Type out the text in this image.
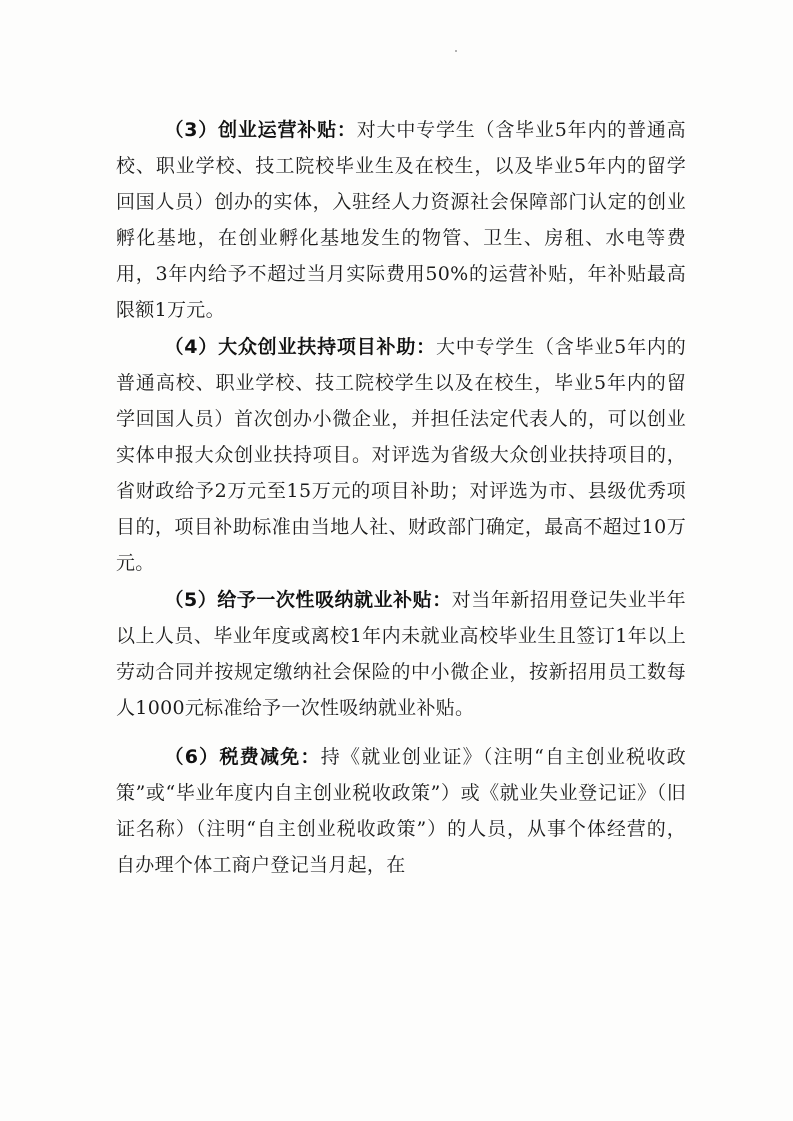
（3）创业运营补贴：对大中专学生（含毕业5年内的普通高校、职业学校、技工院校毕业生及在校生，以及毕业5年内的留学回国人员）创办的实体，入驻经人力资源社会保障部门认定的创业孵化基地，在创业孵化基地发生的物管、卫生、房租、水电等费用，3年内给予不超过当月实际费用50%的运营补贴，年补贴最高限额1万元。

（4）大众创业扶持项目补助：大中专学生（含毕业5年内的普通高校、职业学校、技工院校学生以及在校生，毕业5年内的留学回国人员）首次创办小微企业，并担任法定代表人的，可以创业实体申报大众创业扶持项目。对评选为省级大众创业扶持项目的，省财政给予2万元至15万元的项目补助；对评选为市、县级优秀项目的，项目补助标准由当地人社、财政部门确定，最高不超过10万元。

（5）给予一次性吸纳就业补贴：对当年新招用登记失业半年以上人员、毕业年度或离校1年内未就业高校毕业生且签订1年以上劳动合同并按规定缴纳社会保险的中小微企业，按新招用员工数每人1000元标准给予一次性吸纳就业补贴。

（6）税费减免：持《就业创业证》（注明“自主创业税收政策”或“毕业年度内自主创业税收政策”）或《就业失业登记证》（旧证名称）（注明“自主创业税收政策”）的人员，从事个体经营的，自办理个体工商户登记当月起，在
